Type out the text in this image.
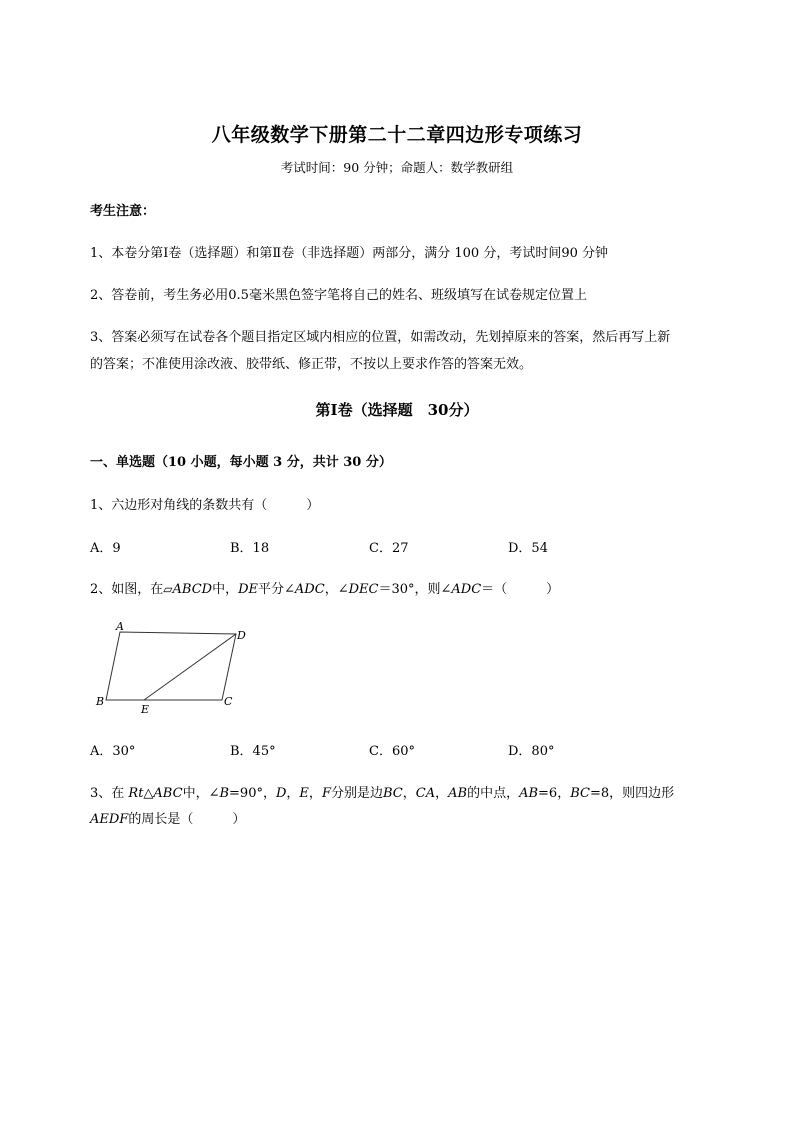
八年级数学下册第二十二章四边形专项练习
考试时间：90 分钟；命题人：数学教研组
考生注意：
1、本卷分第Ⅰ卷（选择题）和第Ⅱ卷（非选择题）两部分，满分 100 分，考试时间90 分钟
2、答卷前，考生务必用0.5毫米黑色签字笔将自己的姓名、班级填写在试卷规定位置上
3、答案必须写在试卷各个题目指定区域内相应的位置，如需改动，先划掉原来的答案，然后再写上新
的答案；不准使用涂改液、胶带纸、修正带，不按以上要求作答的答案无效。
第Ⅰ卷（选择题　30分）
一、单选题（10 小题，每小题 3 分，共计 30 分）
1、六边形对角线的条数共有（　　　）
A．9	B．18	C．27	D．54
2、如图，在▱ABCD中，DE平分∠ADC，∠DEC＝30°，则∠ADC＝（　　　）
A
D
B
E
C
A．30°	B．45°	C．60°	D．80°
3、在 Rt△ABC中，∠B=90°，D，E，F分别是边BC，CA，AB的中点，AB=6，BC=8，则四边形
AEDF的周长是（　　　）
